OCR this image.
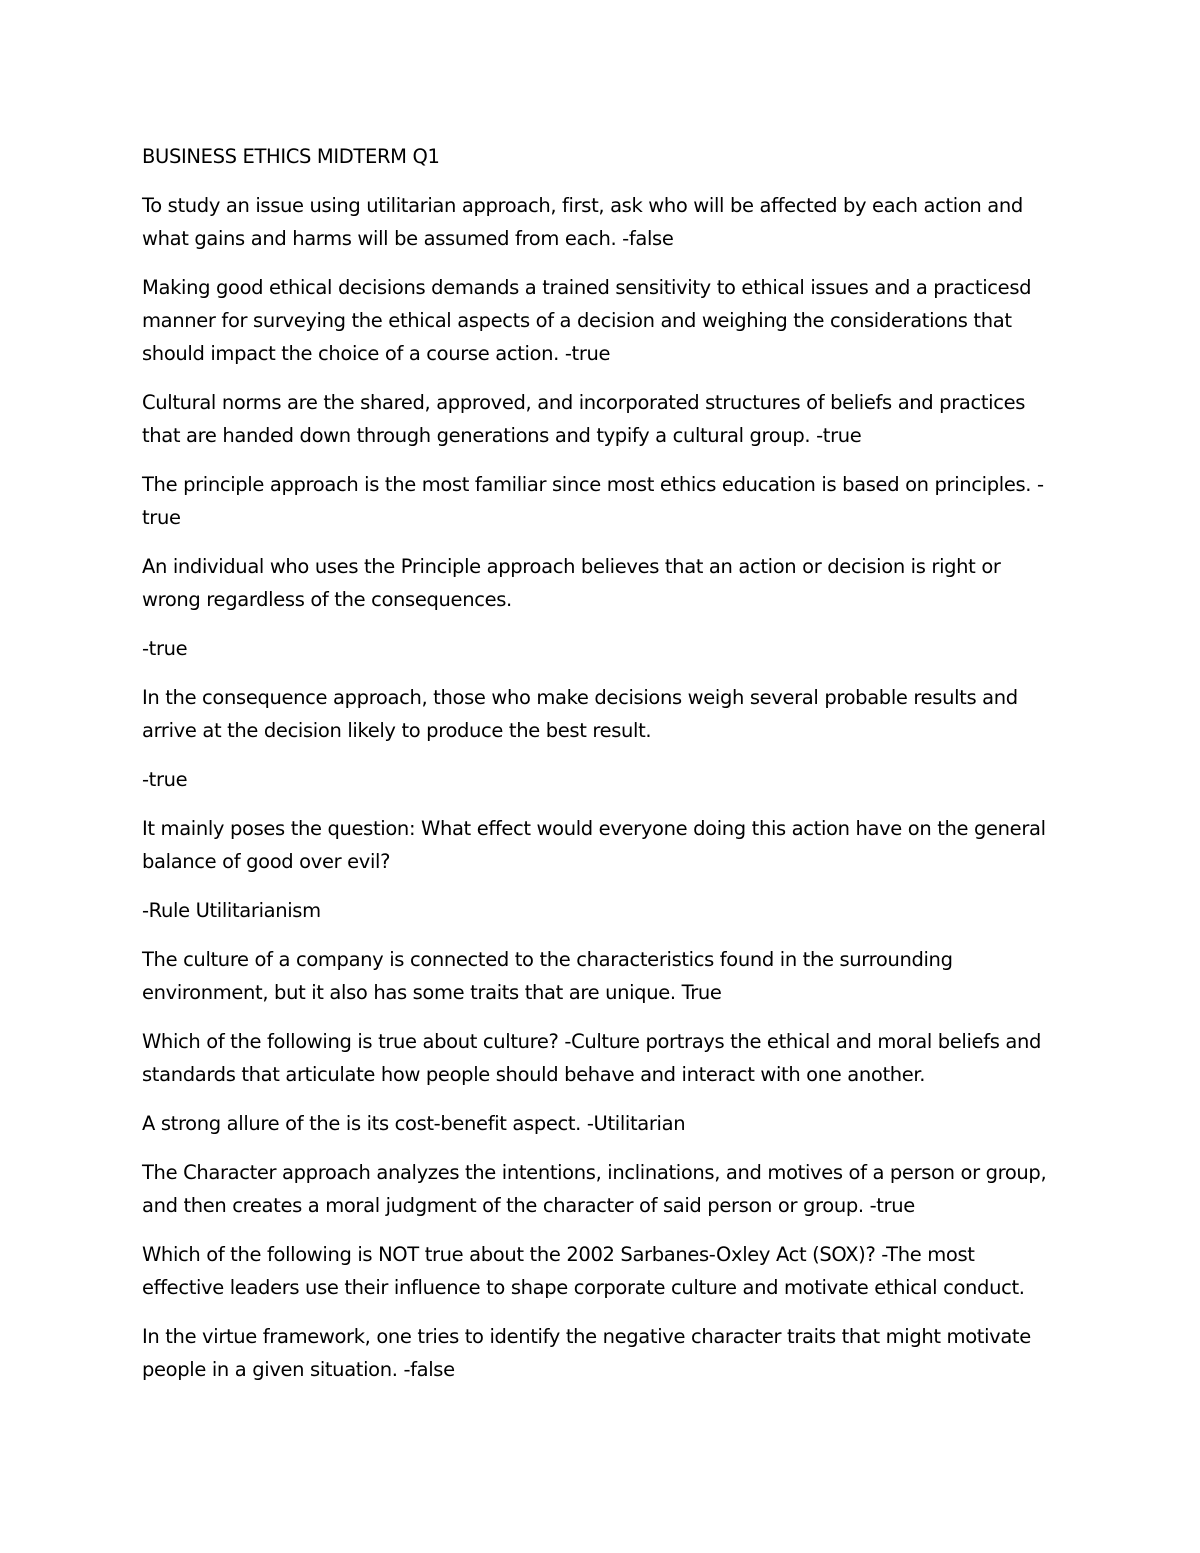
BUSINESS ETHICS MIDTERM Q1

To study an issue using utilitarian approach, first, ask who will be affected by each action and what gains and harms will be assumed from each. -false

Making good ethical decisions demands a trained sensitivity to ethical issues and a practicesd manner for surveying the ethical aspects of a decision and weighing the considerations that should impact the choice of a course action. -true

Cultural norms are the shared, approved, and incorporated structures of beliefs and practices that are handed down through generations and typify a cultural group. -true

The principle approach is the most familiar since most ethics education is based on principles. -true

An individual who uses the Principle approach believes that an action or decision is right or wrong regardless of the consequences.

-true

In the consequence approach, those who make decisions weigh several probable results and arrive at the decision likely to produce the best result.

-true

It mainly poses the question: What effect would everyone doing this action have on the general balance of good over evil?

-Rule Utilitarianism

The culture of a company is connected to the characteristics found in the surrounding environment, but it also has some traits that are unique. True

Which of the following is true about culture? -Culture portrays the ethical and moral beliefs and standards that articulate how people should behave and interact with one another.

A strong allure of the is its cost-benefit aspect. -Utilitarian

The Character approach analyzes the intentions, inclinations, and motives of a person or group, and then creates a moral judgment of the character of said person or group. -true

Which of the following is NOT true about the 2002 Sarbanes-Oxley Act (SOX)? -The most effective leaders use their influence to shape corporate culture and motivate ethical conduct.

In the virtue framework, one tries to identify the negative character traits that might motivate people in a given situation. -false
